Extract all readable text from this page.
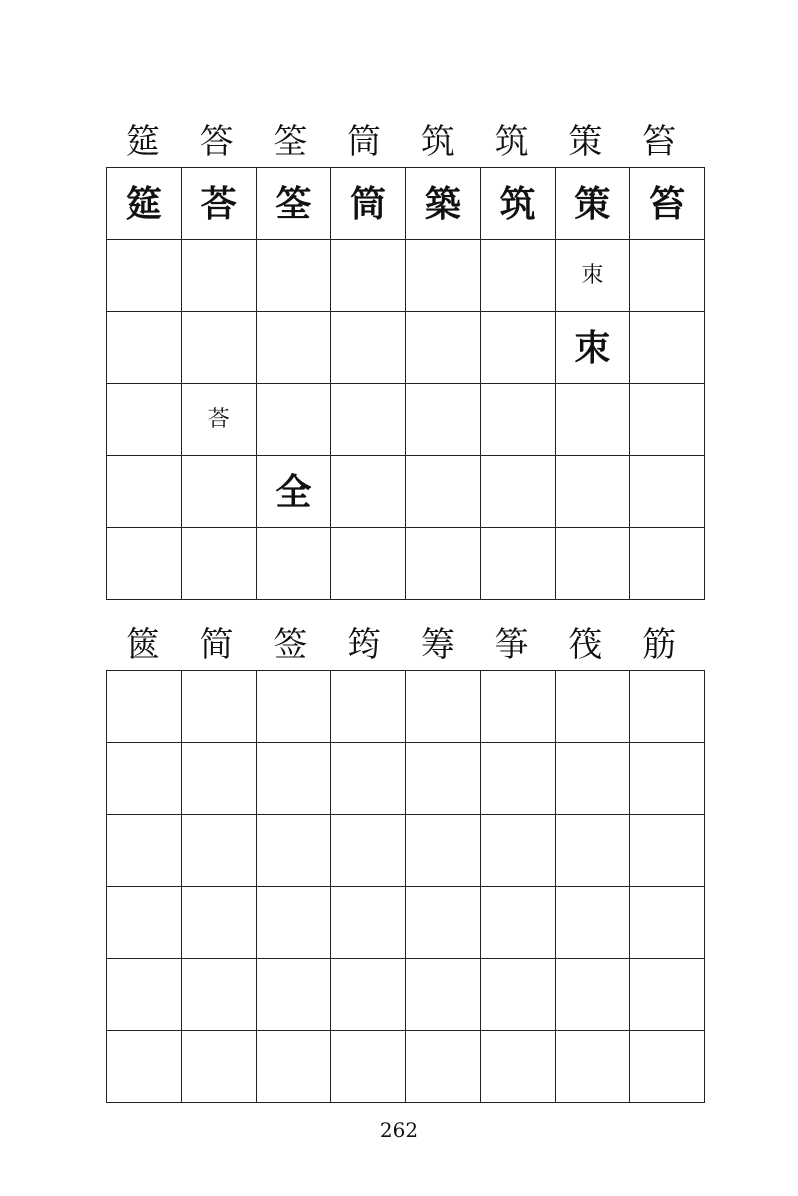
筵	答	筌	筒	筑	筑	策	笞
筵	荅	筌	筒	築	筑	策	笞
						朿	
						朿	
	荅						
		全					

篋	简	签	筠	筹	筝	筏	筋

262
